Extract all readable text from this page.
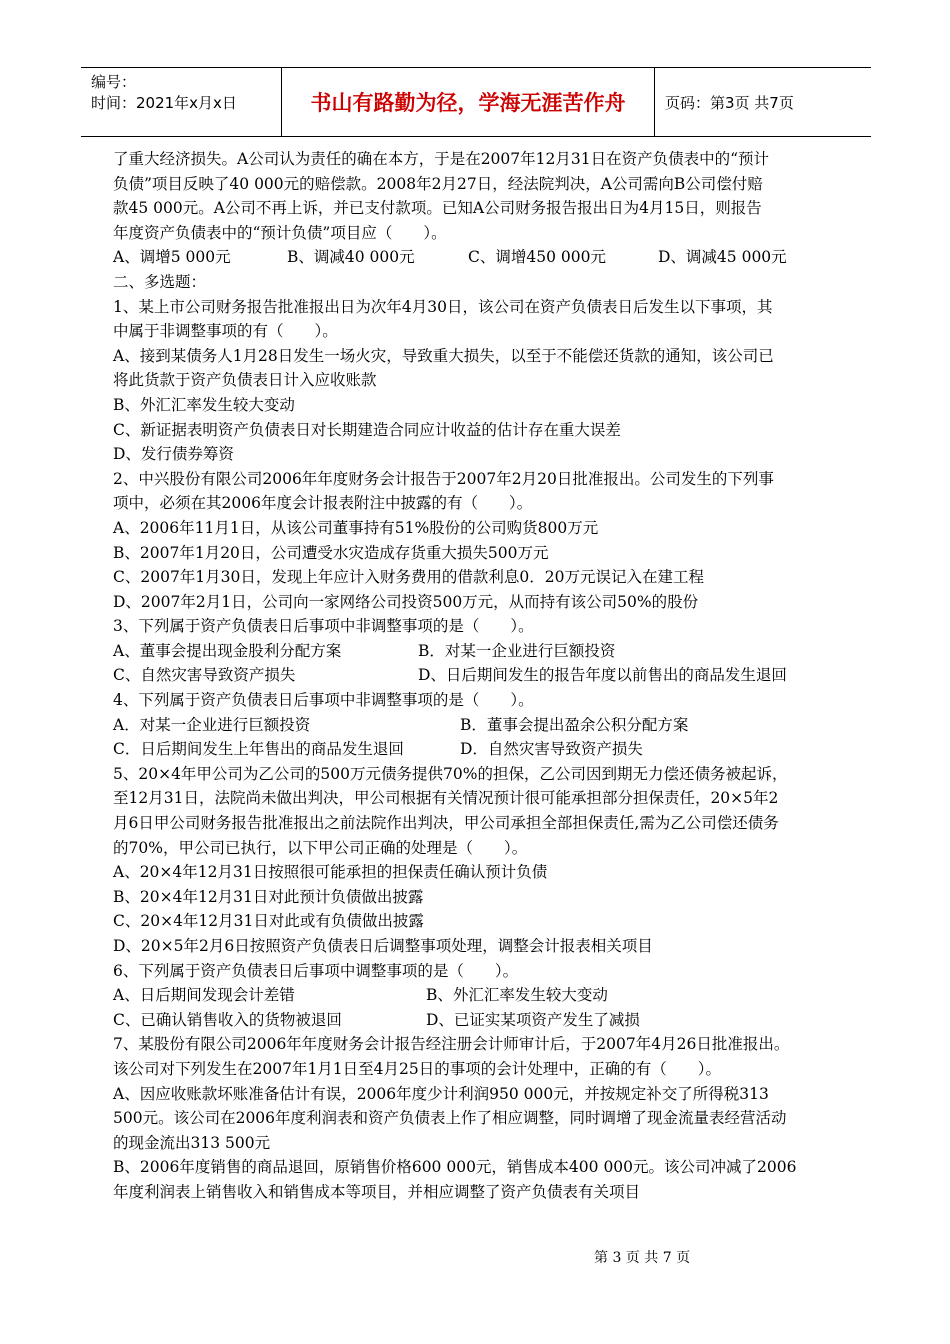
编号：
时间：2021年x月x日	书山有路勤为径，学海无涯苦作舟	页码：第3页 共7页
了重大经济损失。A公司认为责任的确在本方，于是在2007年12月31日在资产负债表中的“预计
负债”项目反映了40 000元的赔偿款。2008年2月27日，经法院判决，A公司需向B公司偿付赔
款45 000元。A公司不再上诉，并已支付款项。已知A公司财务报告报出日为4月15日，则报告
年度资产负债表中的“预计负债”项目应（　　）。
A、调增5 000元	B、调减40 000元	C、调增450 000元	D、调减45 000元
二、多选题：
1、某上市公司财务报告批准报出日为次年4月30日，该公司在资产负债表日后发生以下事项，其
中属于非调整事项的有（　　）。
A、接到某债务人1月28日发生一场火灾，导致重大损失，以至于不能偿还货款的通知，该公司已
将此货款于资产负债表日计入应收账款
B、外汇汇率发生较大变动
C、新证据表明资产负债表日对长期建造合同应计收益的估计存在重大误差
D、发行债券筹资
2、中兴股份有限公司2006年年度财务会计报告于2007年2月20日批准报出。公司发生的下列事
项中，必须在其2006年度会计报表附注中披露的有（　　）。
A、2006年11月1日，从该公司董事持有51%股份的公司购货800万元
B、2007年1月20日，公司遭受水灾造成存货重大损失500万元
C、2007年1月30日，发现上年应计入财务费用的借款利息0．20万元误记入在建工程
D、2007年2月1日，公司向一家网络公司投资500万元，从而持有该公司50%的股份
3、下列属于资产负债表日后事项中非调整事项的是（　　）。
A、董事会提出现金股利分配方案	B．对某一企业进行巨额投资
C、自然灾害导致资产损失	D、日后期间发生的报告年度以前售出的商品发生退回
4、下列属于资产负债表日后事项中非调整事项的是（　　）。
A．对某一企业进行巨额投资	B．董事会提出盈余公积分配方案
C．日后期间发生上年售出的商品发生退回	D．自然灾害导致资产损失
5、20×4年甲公司为乙公司的500万元债务提供70%的担保，乙公司因到期无力偿还债务被起诉，
至12月31日，法院尚未做出判决，甲公司根据有关情况预计很可能承担部分担保责任，20×5年2
月6日甲公司财务报告批准报出之前法院作出判决，甲公司承担全部担保责任,需为乙公司偿还债务
的70%，甲公司已执行，以下甲公司正确的处理是（　　）。
A、20×4年12月31日按照很可能承担的担保责任确认预计负债
B、20×4年12月31日对此预计负债做出披露
C、20×4年12月31日对此或有负债做出披露
D、20×5年2月6日按照资产负债表日后调整事项处理，调整会计报表相关项目
6、下列属于资产负债表日后事项中调整事项的是（　　）。
A、日后期间发现会计差错	B、外汇汇率发生较大变动
C、已确认销售收入的货物被退回	D、已证实某项资产发生了减损
7、某股份有限公司2006年年度财务会计报告经注册会计师审计后，于2007年4月26日批准报出。
该公司对下列发生在2007年1月1日至4月25日的事项的会计处理中，正确的有（　　）。
A、因应收账款坏账准备估计有误，2006年度少计利润950 000元，并按规定补交了所得税313
500元。该公司在2006年度利润表和资产负债表上作了相应调整，同时调增了现金流量表经营活动
的现金流出313 500元
B、2006年度销售的商品退回，原销售价格600 000元，销售成本400 000元。该公司冲减了2006
年度利润表上销售收入和销售成本等项目，并相应调整了资产负债表有关项目
第 3 页 共 7 页
